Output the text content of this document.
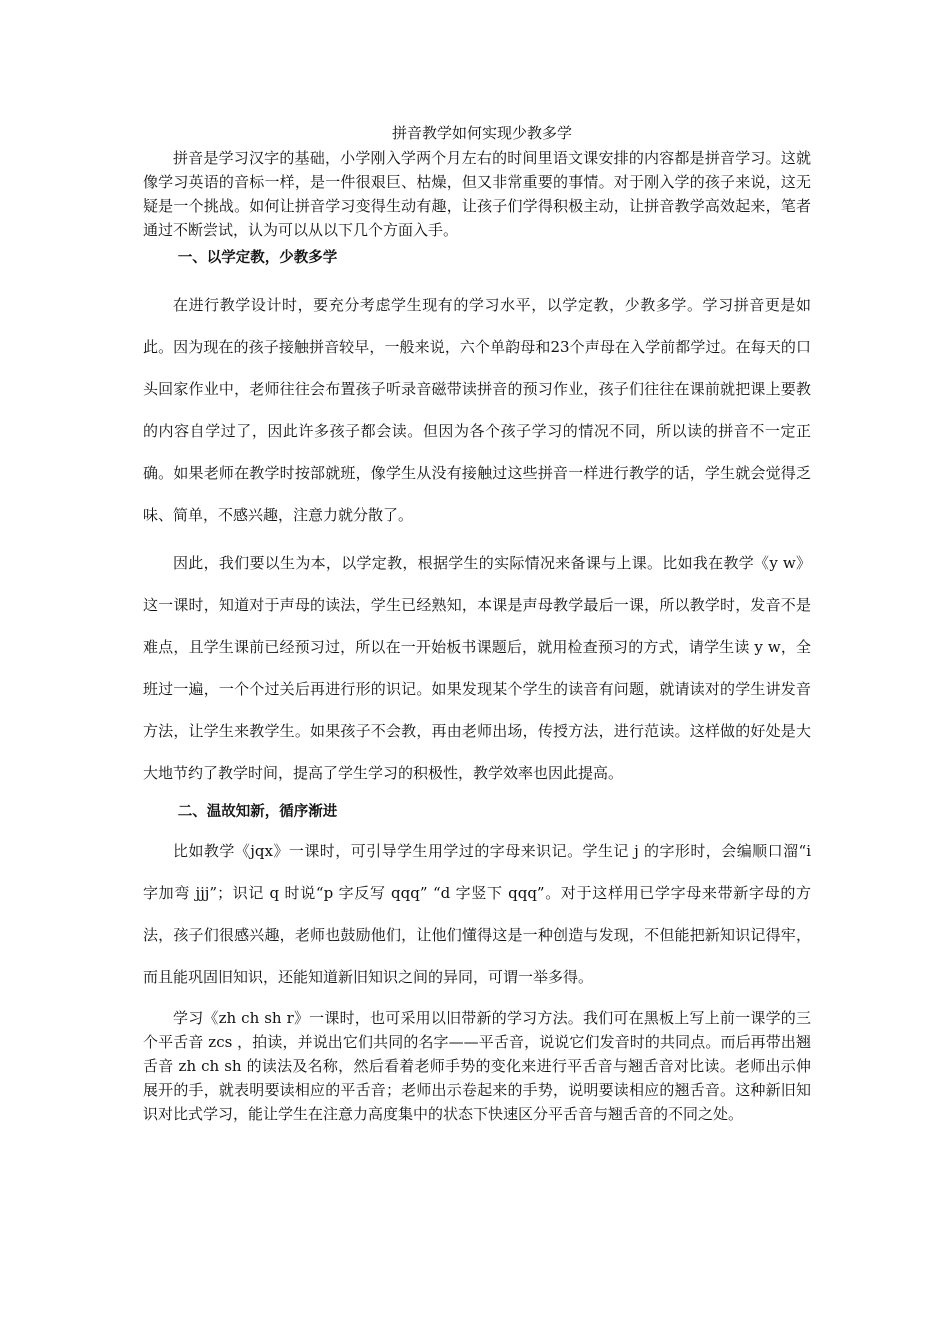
拼音教学如何实现少教多学

拼音是学习汉字的基础，小学刚入学两个月左右的时间里语文课安排的内容都是拼音学习。这就像学习英语的音标一样，是一件很艰巨、枯燥，但又非常重要的事情。对于刚入学的孩子来说，这无疑是一个挑战。如何让拼音学习变得生动有趣，让孩子们学得积极主动，让拼音教学高效起来，笔者通过不断尝试，认为可以从以下几个方面入手。

一、以学定教，少教多学

在进行教学设计时，要充分考虑学生现有的学习水平，以学定教，少教多学。学习拼音更是如此。因为现在的孩子接触拼音较早，一般来说，六个单韵母和23个声母在入学前都学过。在每天的口头回家作业中，老师往往会布置孩子听录音磁带读拼音的预习作业，孩子们往往在课前就把课上要教的内容自学过了，因此许多孩子都会读。但因为各个孩子学习的情况不同，所以读的拼音不一定正确。如果老师在教学时按部就班，像学生从没有接触过这些拼音一样进行教学的话，学生就会觉得乏味、简单，不感兴趣，注意力就分散了。

因此，我们要以生为本，以学定教，根据学生的实际情况来备课与上课。比如我在教学《y w》这一课时，知道对于声母的读法，学生已经熟知，本课是声母教学最后一课，所以教学时，发音不是难点，且学生课前已经预习过，所以在一开始板书课题后，就用检查预习的方式，请学生读 y w，全班过一遍，一个个过关后再进行形的识记。如果发现某个学生的读音有问题，就请读对的学生讲发音方法，让学生来教学生。如果孩子不会教，再由老师出场，传授方法，进行范读。这样做的好处是大大地节约了教学时间，提高了学生学习的积极性，教学效率也因此提高。

二、温故知新，循序渐进

比如教学《jqx》一课时，可引导学生用学过的字母来识记。学生记 j 的字形时，会编顺口溜“i 字加弯 jjj”；识记 q 时说“p 字反写 qqq” “d 字竖下 qqq”。对于这样用已学字母来带新字母的方法，孩子们很感兴趣，老师也鼓励他们，让他们懂得这是一种创造与发现，不但能把新知识记得牢，而且能巩固旧知识，还能知道新旧知识之间的异同，可谓一举多得。

学习《zh ch sh r》一课时，也可采用以旧带新的学习方法。我们可在黑板上写上前一课学的三个平舌音 zcs ，拍读，并说出它们共同的名字——平舌音，说说它们发音时的共同点。而后再带出翘舌音 zh ch sh 的读法及名称，然后看着老师手势的变化来进行平舌音与翘舌音对比读。老师出示伸展开的手，就表明要读相应的平舌音；老师出示卷起来的手势，说明要读相应的翘舌音。这种新旧知识对比式学习，能让学生在注意力高度集中的状态下快速区分平舌音与翘舌音的不同之处。
